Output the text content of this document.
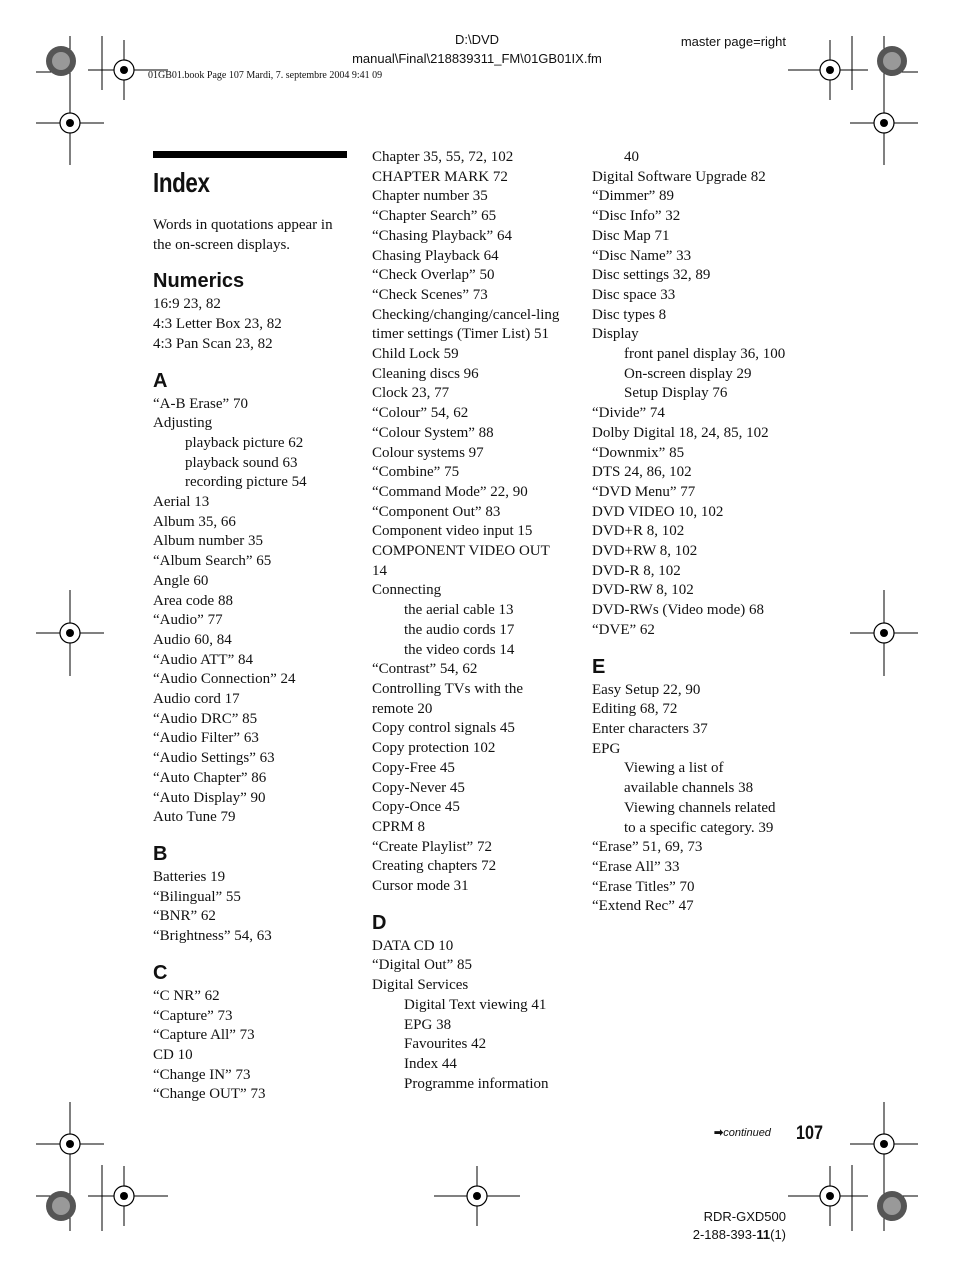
D:\DVD
manual\Final\218839311_FM\01GB01IX.fm
01GB01.book Page 107 Mardi, 7. septembre 2004 9:41 09
master page=right
Index
Words in quotations appear in the on-screen displays.
Numerics
16:9 23, 82
4:3 Letter Box 23, 82
4:3 Pan Scan 23, 82
A
“A-B Erase” 70
Adjusting
playback picture 62
playback sound 63
recording picture 54
Aerial 13
Album 35, 66
Album number 35
“Album Search” 65
Angle 60
Area code 88
“Audio” 77
Audio 60, 84
“Audio ATT” 84
“Audio Connection” 24
Audio cord 17
“Audio DRC” 85
“Audio Filter” 63
“Audio Settings” 63
“Auto Chapter” 86
“Auto Display” 90
Auto Tune 79
B
Batteries 19
“Bilingual” 55
“BNR” 62
“Brightness” 54, 63
C
“C NR” 62
“Capture” 73
“Capture All” 73
CD 10
“Change IN” 73
“Change OUT” 73
Chapter 35, 55, 72, 102
CHAPTER MARK 72
Chapter number 35
“Chapter Search” 65
“Chasing Playback” 64
Chasing Playback 64
“Check Overlap” 50
“Check Scenes” 73
Checking/changing/cancel-ling timer settings (Timer List) 51
Child Lock 59
Cleaning discs 96
Clock 23, 77
“Colour” 54, 62
“Colour System” 88
Colour systems 97
“Combine” 75
“Command Mode” 22, 90
“Component Out” 83
Component video input 15
COMPONENT VIDEO OUT 14
Connecting
the aerial cable 13
the audio cords 17
the video cords 14
“Contrast” 54, 62
Controlling TVs with the remote 20
Copy control signals 45
Copy protection 102
Copy-Free 45
Copy-Never 45
Copy-Once 45
CPRM 8
“Create Playlist” 72
Creating chapters 72
Cursor mode 31
D
DATA CD 10
“Digital Out” 85
Digital Services
Digital Text viewing 41
EPG 38
Favourites 42
Index 44
Programme information
40
Digital Software Upgrade 82
“Dimmer” 89
“Disc Info” 32
Disc Map 71
“Disc Name” 33
Disc settings 32, 89
Disc space 33
Disc types 8
Display
front panel display 36, 100
On-screen display 29
Setup Display 76
“Divide” 74
Dolby Digital 18, 24, 85, 102
“Downmix” 85
DTS 24, 86, 102
“DVD Menu” 77
DVD VIDEO 10, 102
DVD+R 8, 102
DVD+RW 8, 102
DVD-R 8, 102
DVD-RW 8, 102
DVD-RWs (Video mode) 68
“DVE” 62
E
Easy Setup 22, 90
Editing 68, 72
Enter characters 37
EPG
Viewing a list of
available channels 38
Viewing channels related
to a specific category. 39
“Erase” 51, 69, 73
“Erase All” 33
“Erase Titles” 70
“Extend Rec” 47
➡continued 107
RDR-GXD500
2-188-393-11(1)
